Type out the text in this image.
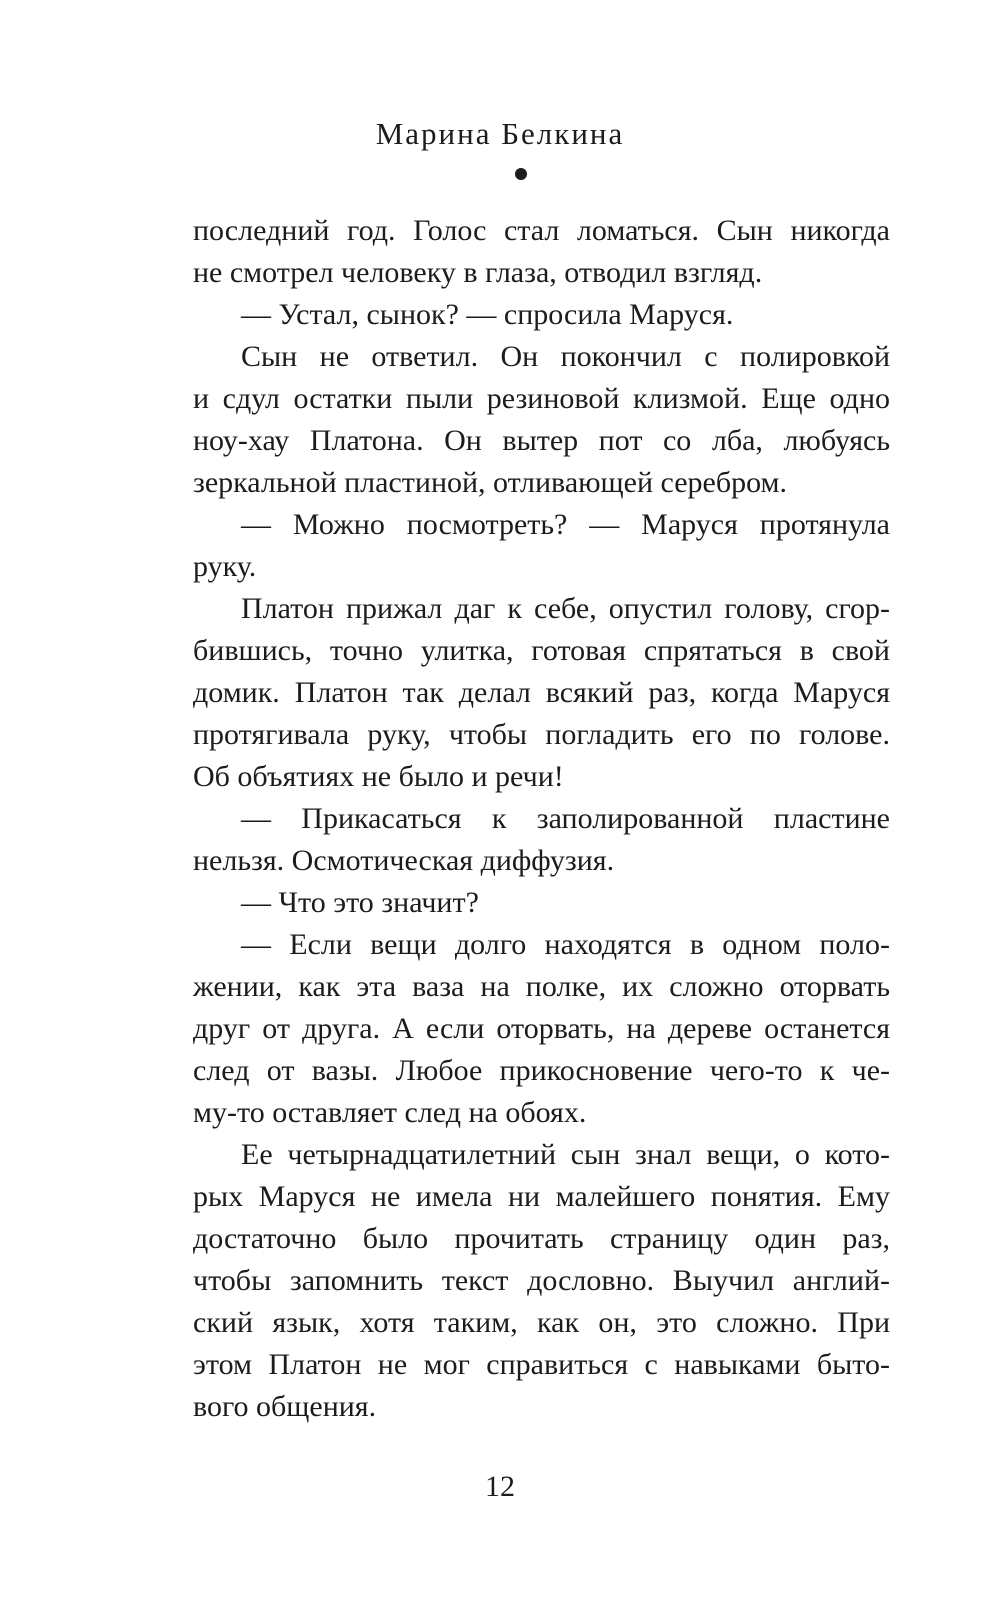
Марина Белкина
последний год. Голос стал ломаться. Сын никогда
не смотрел человеку в глаза, отводил взгляд.
— Устал, сынок? — спросила Маруся.
Сын не ответил. Он покончил с полировкой
и сдул остатки пыли резиновой клизмой. Еще одно
ноу-хау Платона. Он вытер пот со лба, любуясь
зеркальной пластиной, отливающей серебром.
— Можно посмотреть? — Маруся протянула
руку.
Платон прижал даг к себе, опустил голову, сгор-
бившись, точно улитка, готовая спрятаться в свой
домик. Платон так делал всякий раз, когда Маруся
протягивала руку, чтобы погладить его по голове.
Об объятиях не было и речи!
— Прикасаться к заполированной пластине
нельзя. Осмотическая диффузия.
— Что это значит?
— Если вещи долго находятся в одном поло-
жении, как эта ваза на полке, их сложно оторвать
друг от друга. А если оторвать, на дереве останется
след от вазы. Любое прикосновение чего-то к че-
му-то оставляет след на обоях.
Ее четырнадцатилетний сын знал вещи, о кото-
рых Маруся не имела ни малейшего понятия. Ему
достаточно было прочитать страницу один раз,
чтобы запомнить текст дословно. Выучил англий-
ский язык, хотя таким, как он, это сложно. При
этом Платон не мог справиться с навыками быто-
вого общения.
12
